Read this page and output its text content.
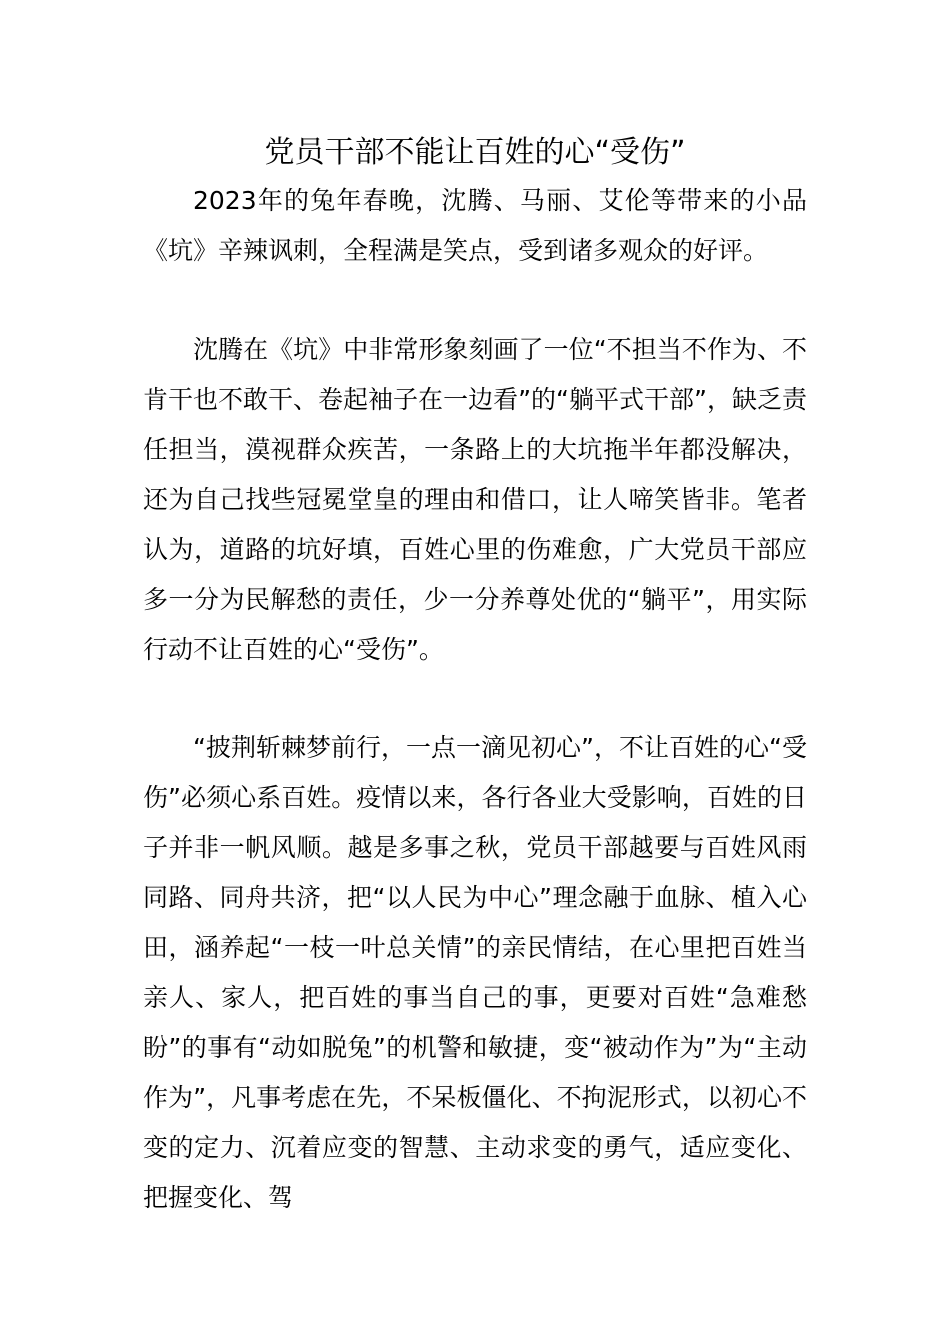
党员干部不能让百姓的心“受伤”

2023年的兔年春晚，沈腾、马丽、艾伦等带来的小品《坑》辛辣讽刺，全程满是笑点，受到诸多观众的好评。

沈腾在《坑》中非常形象刻画了一位“不担当不作为、不肯干也不敢干、卷起袖子在一边看”的“躺平式干部”，缺乏责任担当，漠视群众疾苦，一条路上的大坑拖半年都没解决，还为自己找些冠冕堂皇的理由和借口，让人啼笑皆非。笔者认为，道路的坑好填，百姓心里的伤难愈，广大党员干部应多一分为民解愁的责任，少一分养尊处优的“躺平”，用实际行动不让百姓的心“受伤”。

“披荆斩棘梦前行，一点一滴见初心”，不让百姓的心“受伤”必须心系百姓。疫情以来，各行各业大受影响，百姓的日子并非一帆风顺。越是多事之秋，党员干部越要与百姓风雨同路、同舟共济，把“以人民为中心”理念融于血脉、植入心田，涵养起“一枝一叶总关情”的亲民情结，在心里把百姓当亲人、家人，把百姓的事当自己的事，更要对百姓“急难愁盼”的事有“动如脱兔”的机警和敏捷，变“被动作为”为“主动作为”，凡事考虑在先，不呆板僵化、不拘泥形式，以初心不变的定力、沉着应变的智慧、主动求变的勇气，适应变化、把握变化、驾
